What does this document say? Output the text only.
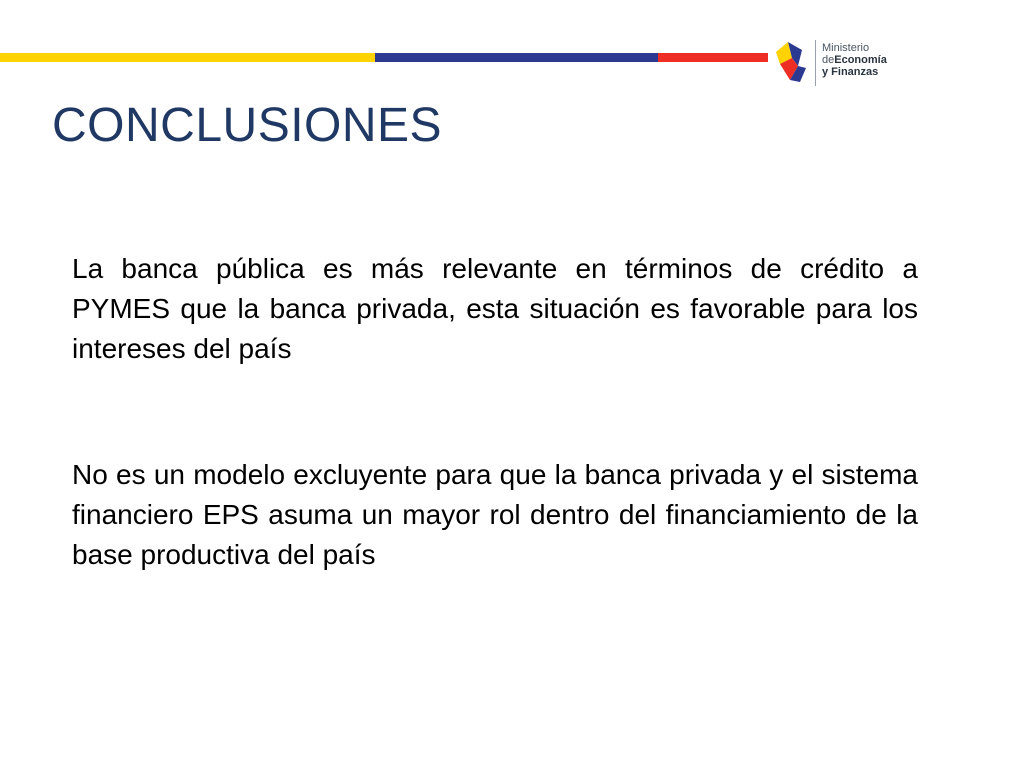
Ministerio
deEconomía
y Finanzas
CONCLUSIONES

La banca pública es más relevante en términos de crédito a PYMES que la banca privada, esta situación es favorable para los intereses del país

No es un modelo excluyente para que la banca privada y el sistema financiero EPS asuma un mayor rol dentro del financiamiento de la base productiva del país
